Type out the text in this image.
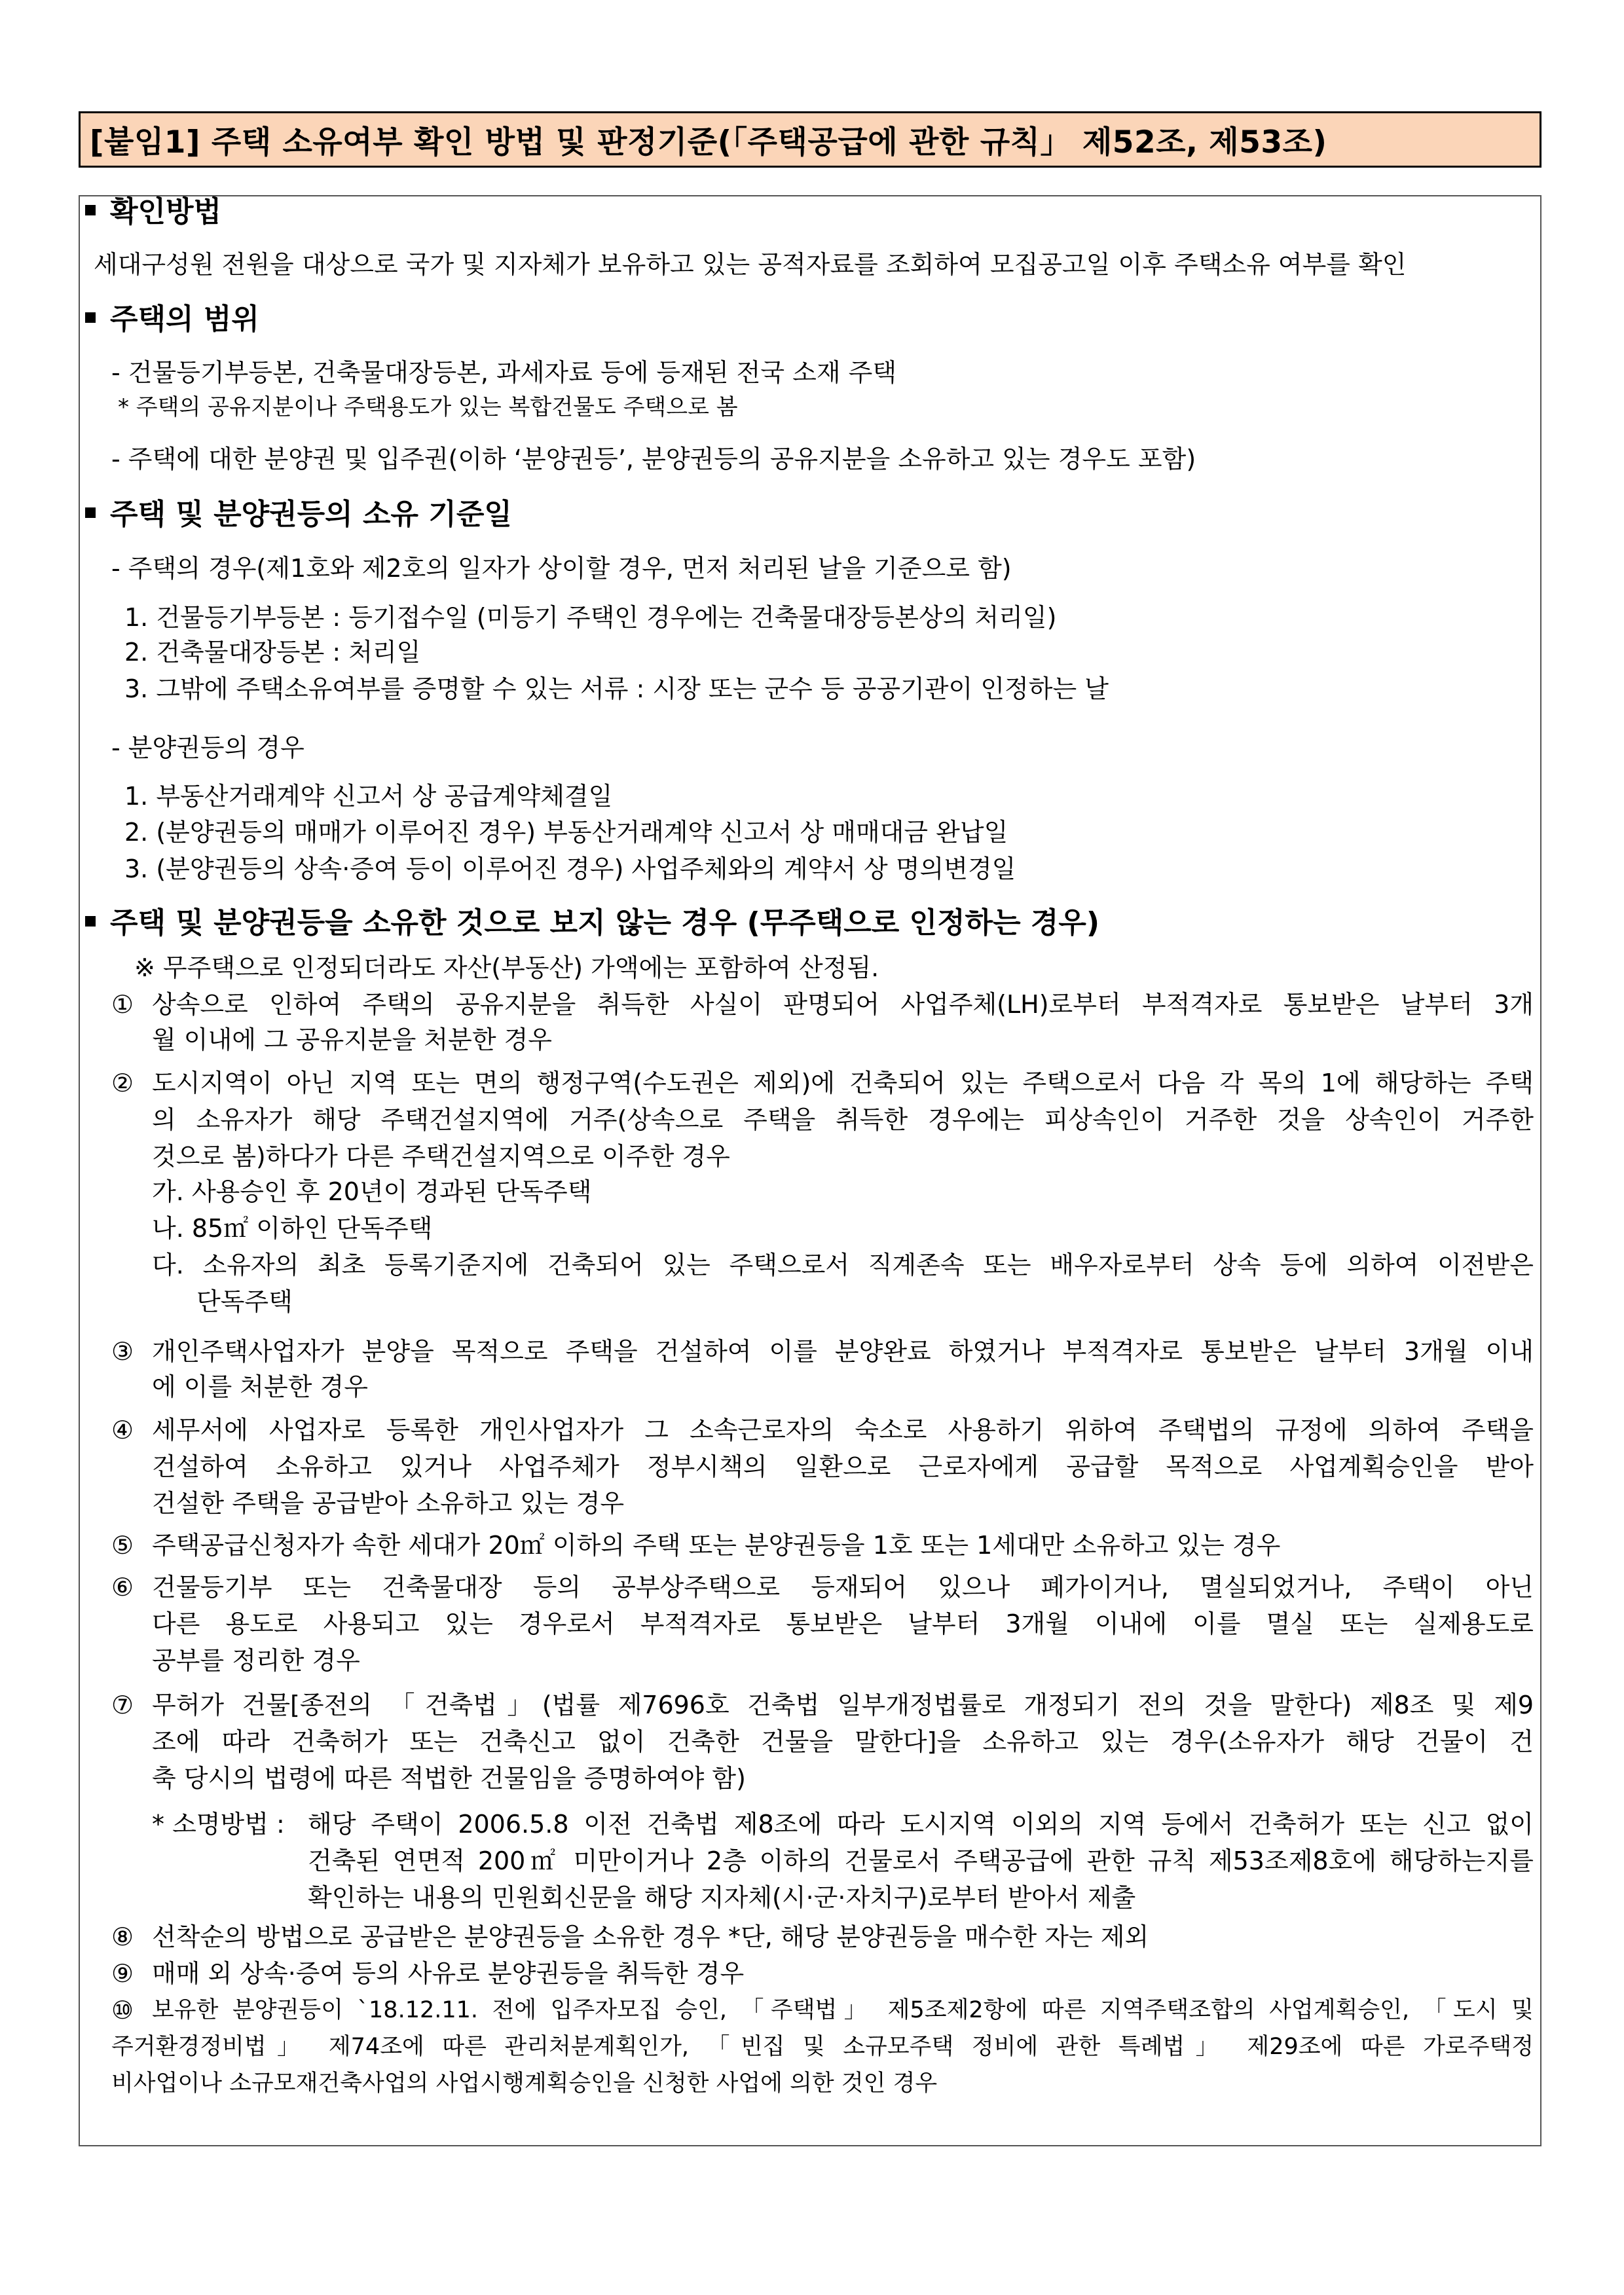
[붙임1] 주택 소유여부 확인 방법 및 판정기준(「주택공급에 관한 규칙」 제52조, 제53조)
확인방법
세대구성원 전원을 대상으로 국가 및 지자체가 보유하고 있는 공적자료를 조회하여 모집공고일 이후 주택소유 여부를 확인
주택의 범위
- 건물등기부등본, 건축물대장등본, 과세자료 등에 등재된 전국 소재 주택
* 주택의 공유지분이나 주택용도가 있는 복합건물도 주택으로 봄
- 주택에 대한 분양권 및 입주권(이하 ‘분양권등’, 분양권등의 공유지분을 소유하고 있는 경우도 포함)
주택 및 분양권등의 소유 기준일
- 주택의 경우(제1호와 제2호의 일자가 상이할 경우, 먼저 처리된 날을 기준으로 함)
1. 건물등기부등본 : 등기접수일 (미등기 주택인 경우에는 건축물대장등본상의 처리일)
2. 건축물대장등본 : 처리일
3. 그밖에 주택소유여부를 증명할 수 있는 서류 : 시장 또는 군수 등 공공기관이 인정하는 날
- 분양권등의 경우
1. 부동산거래계약 신고서 상 공급계약체결일
2. (분양권등의 매매가 이루어진 경우) 부동산거래계약 신고서 상 매매대금 완납일
3. (분양권등의 상속·증여 등이 이루어진 경우) 사업주체와의 계약서 상 명의변경일
주택 및 분양권등을 소유한 것으로 보지 않는 경우 (무주택으로 인정하는 경우)
※ 무주택으로 인정되더라도 자산(부동산) 가액에는 포함하여 산정됨.
① 상속으로 인하여 주택의 공유지분을 취득한 사실이 판명되어 사업주체(LH)로부터 부적격자로 통보받은 날부터 3개
월 이내에 그 공유지분을 처분한 경우
② 도시지역이 아닌 지역 또는 면의 행정구역(수도권은 제외)에 건축되어 있는 주택으로서 다음 각 목의 1에 해당하는 주택
의 소유자가 해당 주택건설지역에 거주(상속으로 주택을 취득한 경우에는 피상속인이 거주한 것을 상속인이 거주한
것으로 봄)하다가 다른 주택건설지역으로 이주한 경우
가. 사용승인 후 20년이 경과된 단독주택
나. 85㎡ 이하인 단독주택
다. 소유자의 최초 등록기준지에 건축되어 있는 주택으로서 직계존속 또는 배우자로부터 상속 등에 의하여 이전받은
단독주택
③ 개인주택사업자가 분양을 목적으로 주택을 건설하여 이를 분양완료 하였거나 부적격자로 통보받은 날부터 3개월 이내
에 이를 처분한 경우
④ 세무서에 사업자로 등록한 개인사업자가 그 소속근로자의 숙소로 사용하기 위하여 주택법의 규정에 의하여 주택을
건설하여 소유하고 있거나 사업주체가 정부시책의 일환으로 근로자에게 공급할 목적으로 사업계획승인을 받아
건설한 주택을 공급받아 소유하고 있는 경우
⑤ 주택공급신청자가 속한 세대가 20㎡ 이하의 주택 또는 분양권등을 1호 또는 1세대만 소유하고 있는 경우
⑥ 건물등기부 또는 건축물대장 등의 공부상주택으로 등재되어 있으나 폐가이거나, 멸실되었거나, 주택이 아닌
다른 용도로 사용되고 있는 경우로서 부적격자로 통보받은 날부터 3개월 이내에 이를 멸실 또는 실제용도로
공부를 정리한 경우
⑦ 무허가 건물[종전의 「건축법」(법률 제7696호 건축법 일부개정법률로 개정되기 전의 것을 말한다) 제8조 및 제9
조에 따라 건축허가 또는 건축신고 없이 건축한 건물을 말한다]을 소유하고 있는 경우(소유자가 해당 건물이 건
축 당시의 법령에 따른 적법한 건물임을 증명하여야 함)
* 소명방법 : 해당 주택이 2006.5.8 이전 건축법 제8조에 따라 도시지역 이외의 지역 등에서 건축허가 또는 신고 없이
건축된 연면적 200㎡ 미만이거나 2층 이하의 건물로서 주택공급에 관한 규칙 제53조제8호에 해당하는지를
확인하는 내용의 민원회신문을 해당 지자체(시·군·자치구)로부터 받아서 제출
⑧ 선착순의 방법으로 공급받은 분양권등을 소유한 경우 *단, 해당 분양권등을 매수한 자는 제외
⑨ 매매 외 상속·증여 등의 사유로 분양권등을 취득한 경우
⑩ 보유한 분양권등이 `18.12.11. 전에 입주자모집 승인, 「주택법」 제5조제2항에 따른 지역주택조합의 사업계획승인, 「도시 및
주거환경정비법」 제74조에 따른 관리처분계획인가, 「빈집 및 소규모주택 정비에 관한 특례법」 제29조에 따른 가로주택정
비사업이나 소규모재건축사업의 사업시행계획승인을 신청한 사업에 의한 것인 경우
